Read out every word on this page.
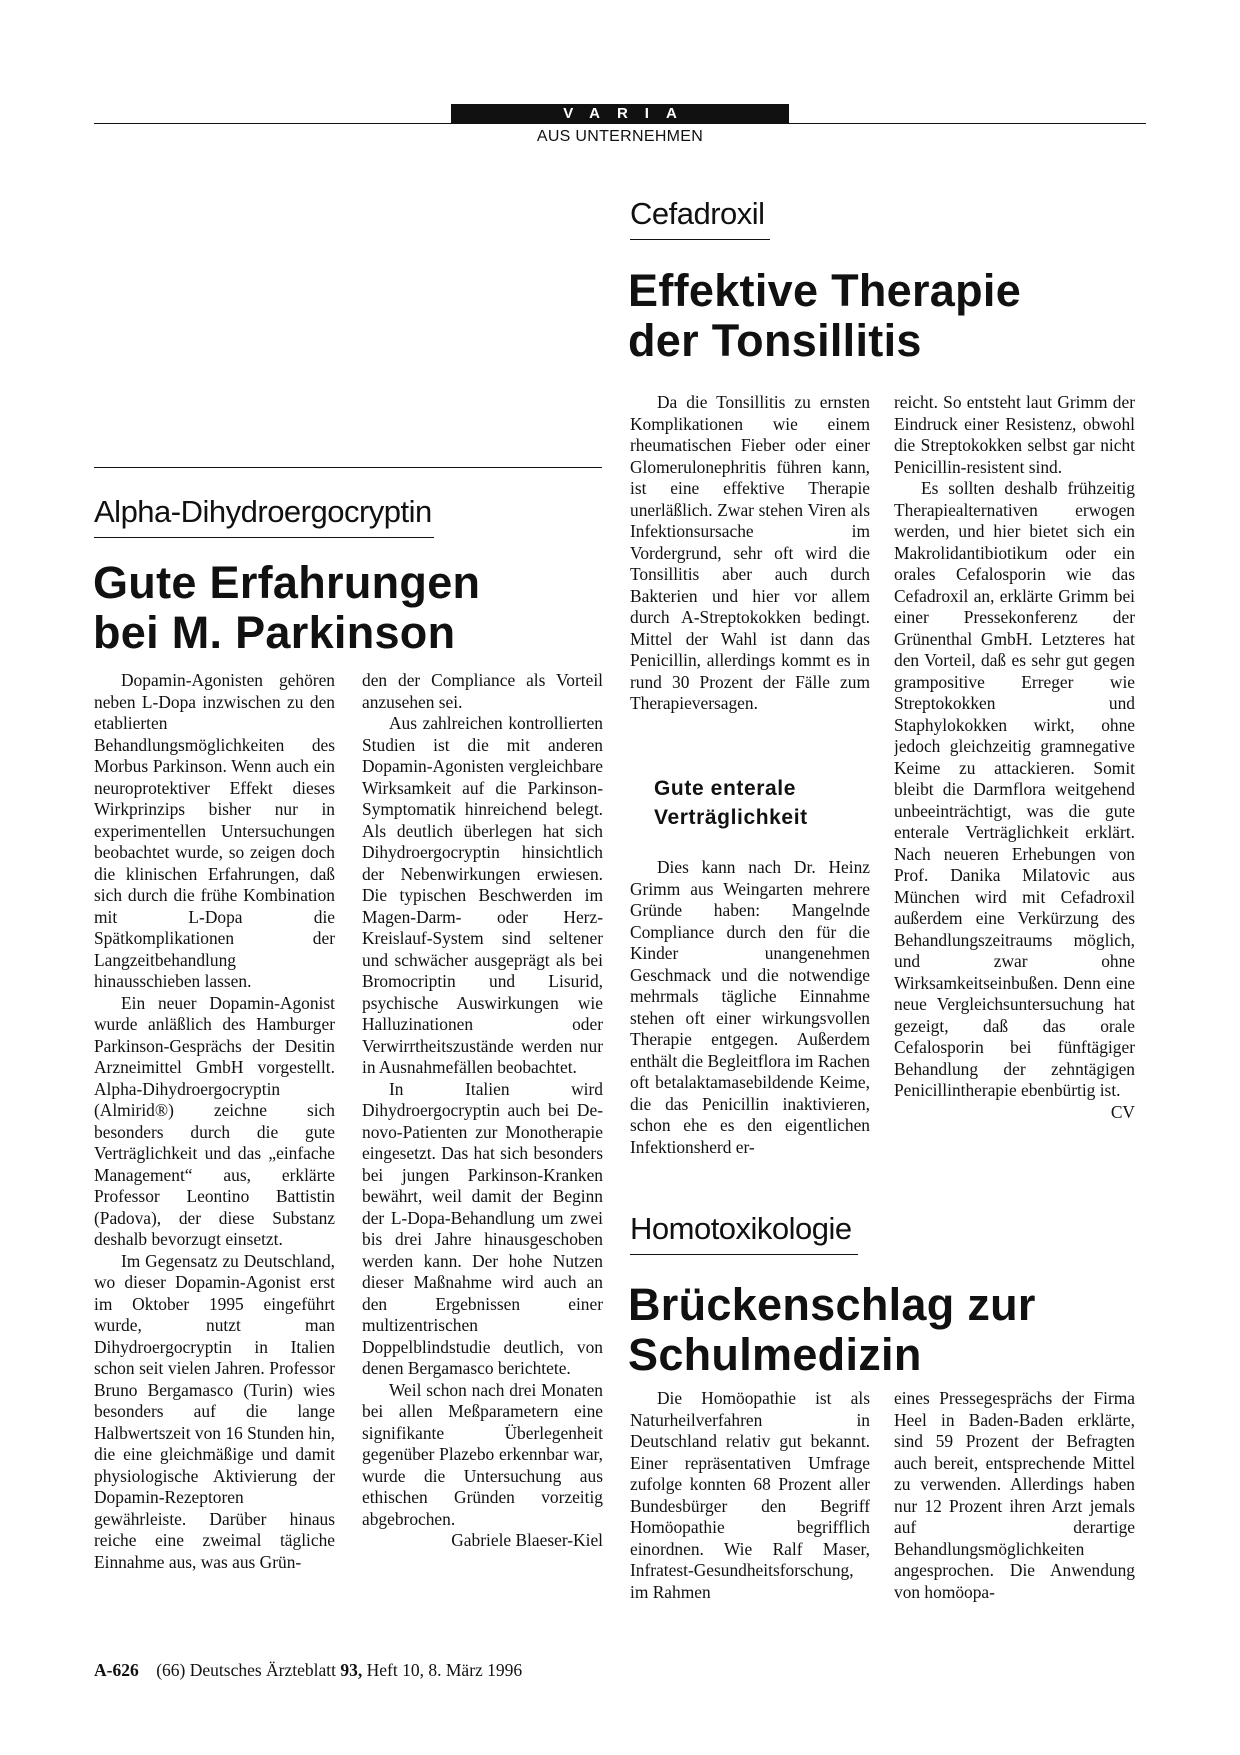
VARIA
AUS UNTERNEHMEN
Cefadroxil
Effektive Therapie
der Tonsillitis

Da die Tonsillitis zu ernsten Komplikationen wie einem rheumatischen Fieber oder einer Glomerulonephritis führen kann, ist eine effektive Therapie unerläßlich. Zwar stehen Viren als Infektionsursache im Vordergrund, sehr oft wird die Tonsillitis aber auch durch Bakterien und hier vor allem durch A-Streptokokken bedingt. Mittel der Wahl ist dann das Penicillin, allerdings kommt es in rund 30 Prozent der Fälle zum Therapieversagen.

Gute enterale
Verträglichkeit

Dies kann nach Dr. Heinz Grimm aus Weingarten mehrere Gründe haben: Mangelnde Compliance durch den für die Kinder unangenehmen Geschmack und die notwendige mehrmals tägliche Einnahme stehen oft einer wirkungsvollen Therapie entgegen. Außerdem enthält die Begleitflora im Rachen oft betalaktamasebildende Keime, die das Penicillin inaktivieren, schon ehe es den eigentlichen Infektionsherd er-

reicht. So entsteht laut Grimm der Eindruck einer Resistenz, obwohl die Streptokokken selbst gar nicht Penicillin-resistent sind.

Es sollten deshalb frühzeitig Therapiealternativen erwogen werden, und hier bietet sich ein Makrolidantibiotikum oder ein orales Cefalosporin wie das Cefadroxil an, erklärte Grimm bei einer Pressekonferenz der Grünenthal GmbH. Letzteres hat den Vorteil, daß es sehr gut gegen grampositive Erreger wie Streptokokken und Staphylokokken wirkt, ohne jedoch gleichzeitig gramnegative Keime zu attackieren. Somit bleibt die Darmflora weitgehend unbeeinträchtigt, was die gute enterale Verträglichkeit erklärt. Nach neueren Erhebungen von Prof. Danika Milatovic aus München wird mit Cefadroxil außerdem eine Verkürzung des Behandlungszeitraums möglich, und zwar ohne Wirksamkeitseinbußen. Denn eine neue Vergleichsuntersuchung hat gezeigt, daß das orale Cefalosporin bei fünftägiger Behandlung der zehntägigen Penicillintherapie ebenbürtig ist.
CV

Alpha-Dihydroergocryptin
Gute Erfahrungen
bei M. Parkinson

Dopamin-Agonisten gehören neben L-Dopa inzwischen zu den etablierten Behandlungsmöglichkeiten des Morbus Parkinson. Wenn auch ein neuroprotektiver Effekt dieses Wirkprinzips bisher nur in experimentellen Untersuchungen beobachtet wurde, so zeigen doch die klinischen Erfahrungen, daß sich durch die frühe Kombination mit L-Dopa die Spätkomplikationen der Langzeitbehandlung hinausschieben lassen.

Ein neuer Dopamin-Agonist wurde anläßlich des Hamburger Parkinson-Gesprächs der Desitin Arzneimittel GmbH vorgestellt. Alpha-Dihydroergocryptin (Almirid®) zeichne sich besonders durch die gute Verträglichkeit und das „einfache Management“ aus, erklärte Professor Leontino Battistin (Padova), der diese Substanz deshalb bevorzugt einsetzt.

Im Gegensatz zu Deutschland, wo dieser Dopamin-Agonist erst im Oktober 1995 eingeführt wurde, nutzt man Dihydroergocryptin in Italien schon seit vielen Jahren. Professor Bruno Bergamasco (Turin) wies besonders auf die lange Halbwertszeit von 16 Stunden hin, die eine gleichmäßige und damit physiologische Aktivierung der Dopamin-Rezeptoren gewährleiste. Darüber hinaus reiche eine zweimal tägliche Einnahme aus, was aus Grün-

den der Compliance als Vorteil anzusehen sei.

Aus zahlreichen kontrollierten Studien ist die mit anderen Dopamin-Agonisten vergleichbare Wirksamkeit auf die Parkinson-Symptomatik hinreichend belegt. Als deutlich überlegen hat sich Dihydroergocryptin hinsichtlich der Nebenwirkungen erwiesen. Die typischen Beschwerden im Magen-Darm- oder Herz-Kreislauf-System sind seltener und schwächer ausgeprägt als bei Bromocriptin und Lisurid, psychische Auswirkungen wie Halluzinationen oder Verwirrtheitszustände werden nur in Ausnahmefällen beobachtet.

In Italien wird Dihydroergocryptin auch bei De-novo-Patienten zur Monotherapie eingesetzt. Das hat sich besonders bei jungen Parkinson-Kranken bewährt, weil damit der Beginn der L-Dopa-Behandlung um zwei bis drei Jahre hinausgeschoben werden kann. Der hohe Nutzen dieser Maßnahme wird auch an den Ergebnissen einer multizentrischen Doppelblindstudie deutlich, von denen Bergamasco berichtete.

Weil schon nach drei Monaten bei allen Meßparametern eine signifikante Überlegenheit gegenüber Plazebo erkennbar war, wurde die Untersuchung aus ethischen Gründen vorzeitig abgebrochen.
Gabriele Blaeser-Kiel

Homotoxikologie
Brückenschlag zur
Schulmedizin

Die Homöopathie ist als Naturheilverfahren in Deutschland relativ gut bekannt. Einer repräsentativen Umfrage zufolge konnten 68 Prozent aller Bundesbürger den Begriff Homöopathie begrifflich einordnen. Wie Ralf Maser, Infratest-Gesundheitsforschung, im Rahmen

eines Pressegesprächs der Firma Heel in Baden-Baden erklärte, sind 59 Prozent der Befragten auch bereit, entsprechende Mittel zu verwenden. Allerdings haben nur 12 Prozent ihren Arzt jemals auf derartige Behandlungsmöglichkeiten angesprochen. Die Anwendung von homöopa-

A-626 (66) Deutsches Ärzteblatt 93, Heft 10, 8. März 1996
